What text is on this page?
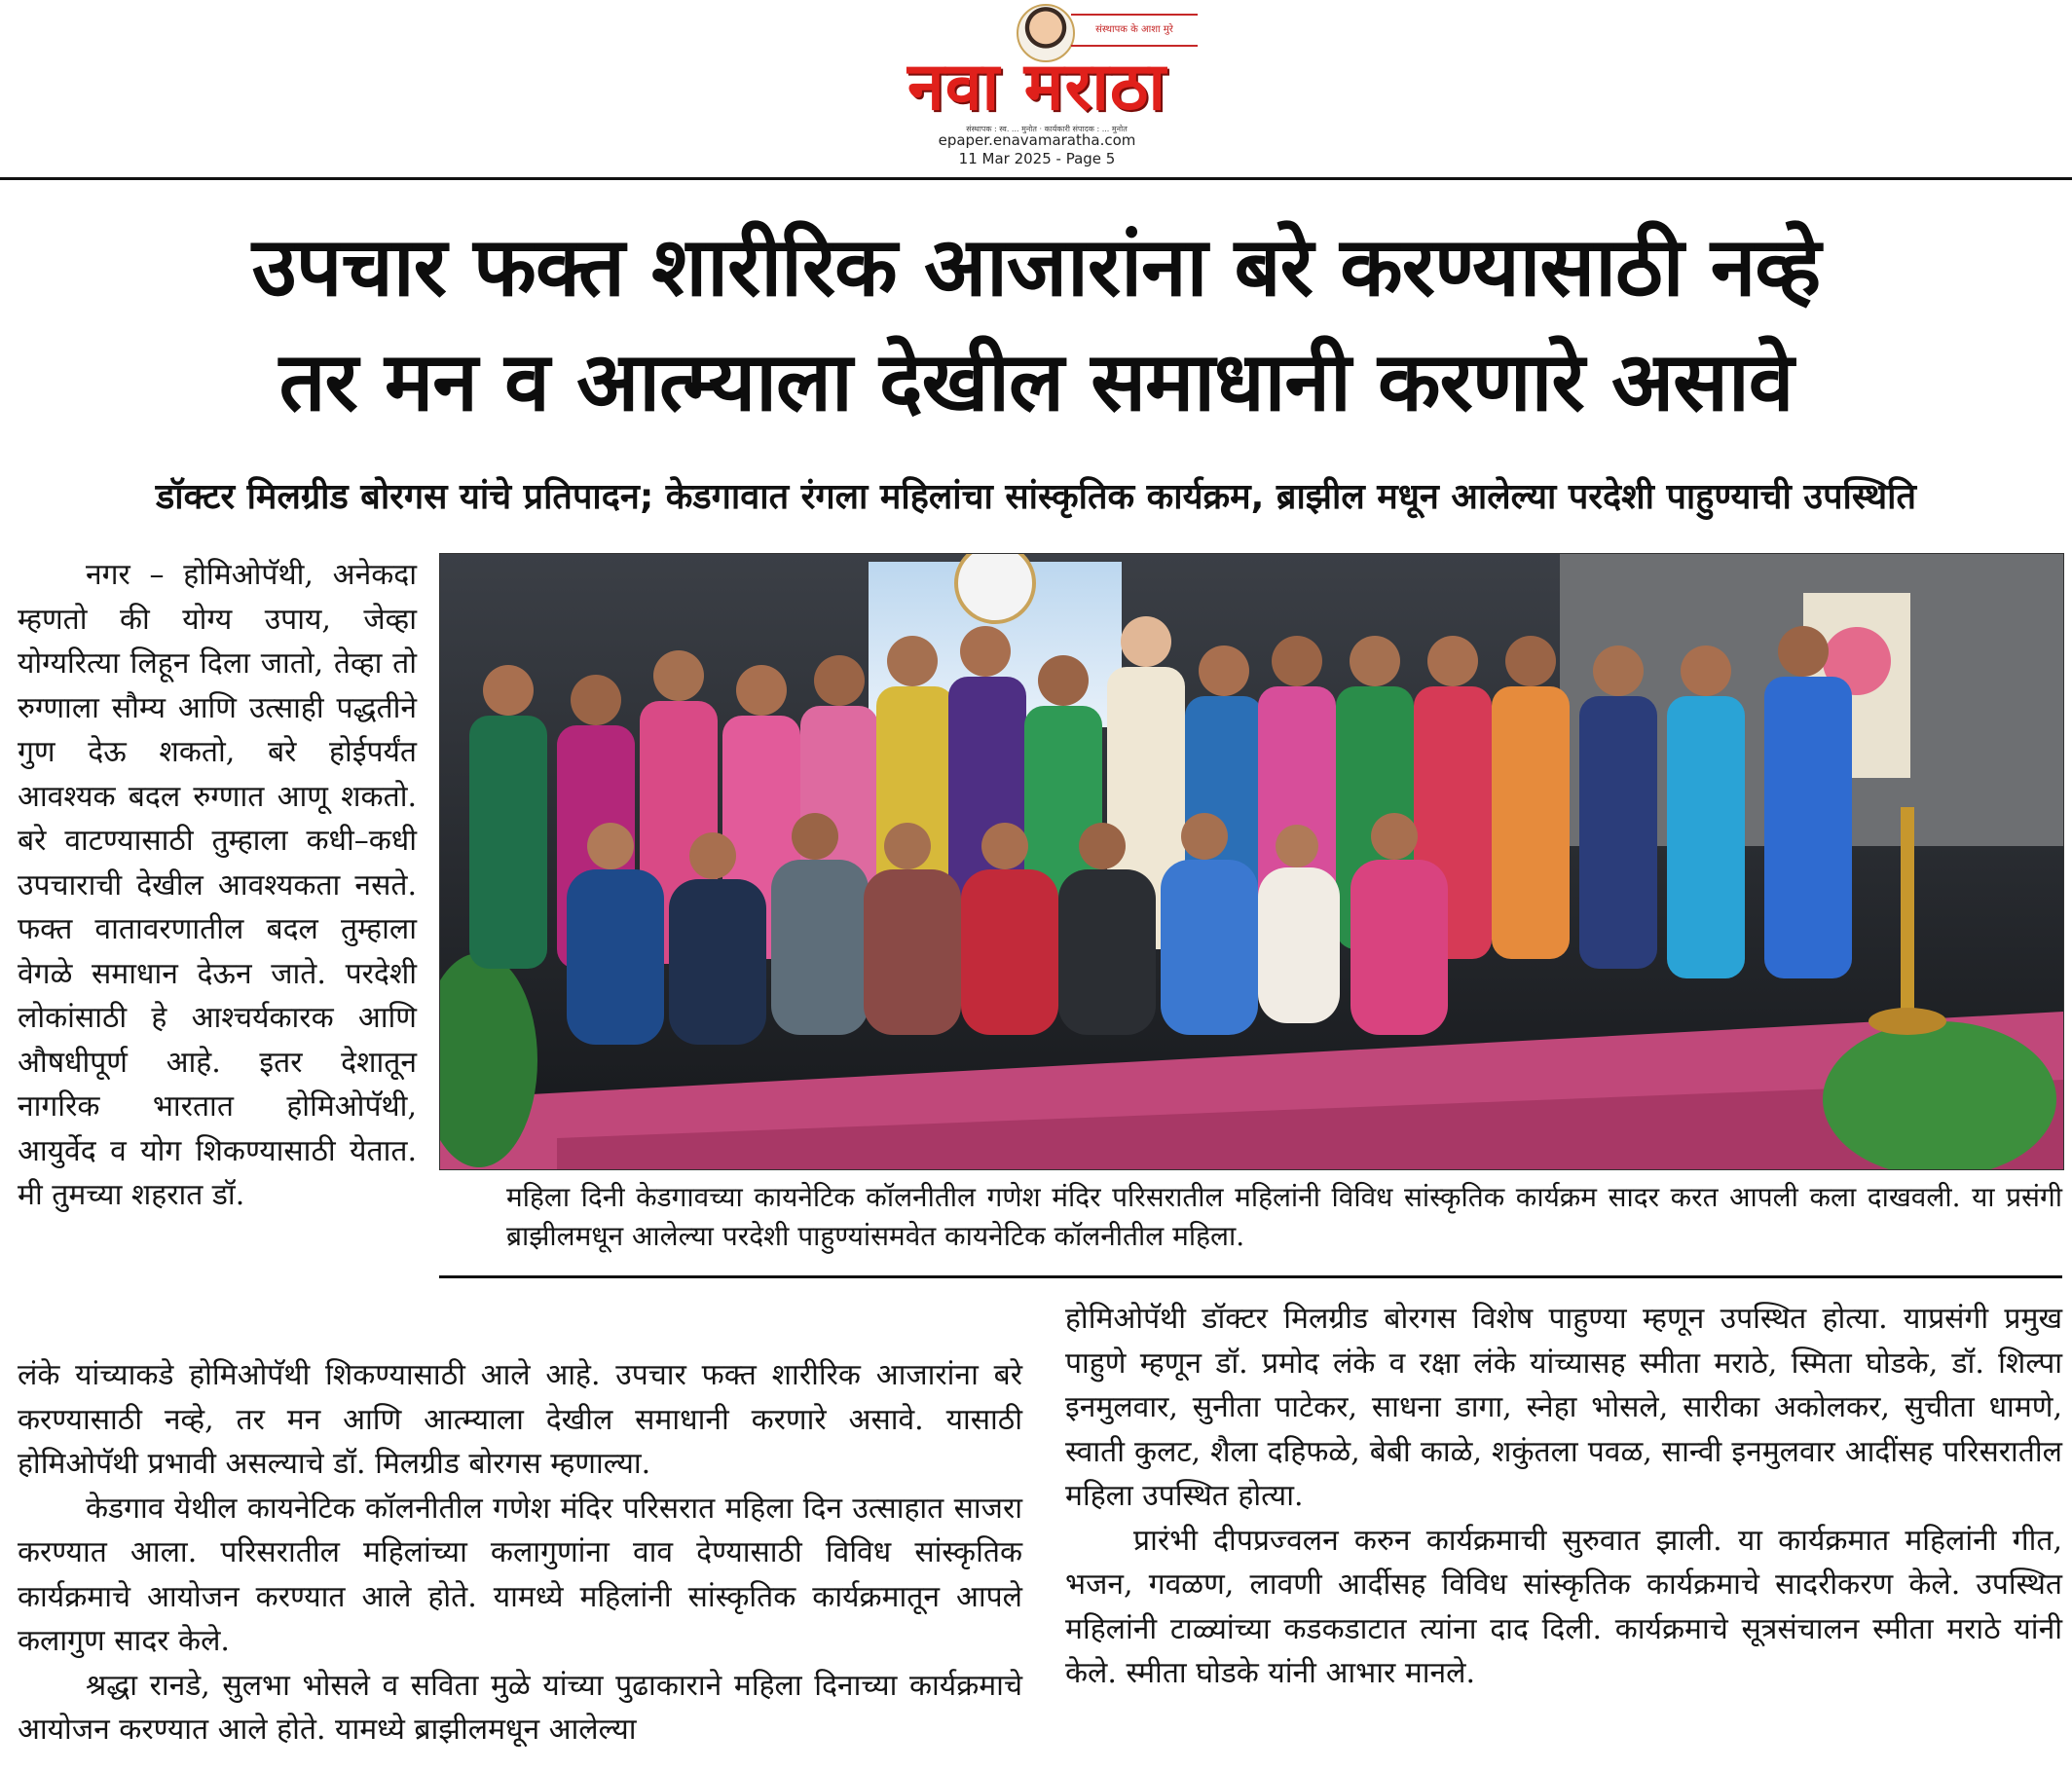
संस्थापक के आशा मुरे
नवा मराठा
संस्थापक : स्व. ... मुनोत · कार्यकारी संपादक : ... मुनोत
epaper.enavamaratha.com
11 Mar 2025 - Page 5
उपचार फक्त शारीरिक आजारांना बरे करण्यासाठी नव्हे
तर मन व आत्म्याला देखील समाधानी करणारे असावे
डॉक्टर मिलग्रीड बोरगस यांचे प्रतिपादन; केडगावात रंगला महिलांचा सांस्कृतिक कार्यक्रम, ब्राझील मधून आलेल्या परदेशी पाहुण्याची उपस्थिति

नगर – होमिओपॅथी, अनेकदा म्हणतो की योग्य उपाय, जेव्हा योग्यरित्या लिहून दिला जातो, तेव्हा तो रुग्णाला सौम्य आणि उत्साही पद्धतीने गुण देऊ शकतो, बरे होईपर्यंत आवश्यक बदल रुग्णात आणू शकतो. बरे वाटण्यासाठी तुम्हाला कधी–कधी उपचाराची देखील आवश्यकता नसते. फक्त वातावरणातील बदल तुम्हाला वेगळे समाधान देऊन जाते. परदेशी लोकांसाठी हे आश्चर्यकारक आणि औषधीपूर्ण आहे. इतर देशातून नागरिक भारतात होमिओपॅथी, आयुर्वेद व योग शिकण्यासाठी येतात. मी तुमच्या शहरात डॉ.	महिला दिनी केडगावच्या कायनेटिक कॉलनीतील गणेश मंदिर परिसरातील महिलांनी विविध सांस्कृतिक कार्यक्रम सादर करत आपली कला दाखवली. या प्रसंगी ब्राझीलमधून आलेल्या परदेशी पाहुण्यांसमवेत कायनेटिक कॉलनीतील महिला.

लंके यांच्याकडे होमिओपॅथी शिकण्यासाठी आले आहे. उपचार फक्त शारीरिक आजारांना बरे करण्यासाठी नव्हे, तर मन आणि आत्म्याला देखील समाधानी करणारे असावे. यासाठी होमिओपॅथी प्रभावी असल्याचे डॉ. मिलग्रीड बोरगस म्हणाल्या.

केडगाव येथील कायनेटिक कॉलनीतील गणेश मंदिर परिसरात महिला दिन उत्साहात साजरा करण्यात आला. परिसरातील महिलांच्या कलागुणांना वाव देण्यासाठी विविध सांस्कृतिक कार्यक्रमाचे आयोजन करण्यात आले होते. यामध्ये महिलांनी सांस्कृतिक कार्यक्रमातून आपले कलागुण सादर केले.

श्रद्धा रानडे, सुलभा भोसले व सविता मुळे यांच्या पुढाकाराने महिला दिनाच्या कार्यक्रमाचे आयोजन करण्यात आले होते. यामध्ये ब्राझीलमधून आलेल्या

होमिओपॅथी डॉक्टर मिलग्रीड बोरगस विशेष पाहुण्या म्हणून उपस्थित होत्या. याप्रसंगी प्रमुख पाहुणे म्हणून डॉ. प्रमोद लंके व रक्षा लंके यांच्यासह स्मीता मराठे, स्मिता घोडके, डॉ. शिल्पा इनमुलवार, सुनीता पाटेकर, साधना डागा, स्नेहा भोसले, सारीका अकोलकर, सुचीता धामणे, स्वाती कुलट, शैला दहिफळे, बेबी काळे, शकुंतला पवळ, सान्वी इनमुलवार आदींसह परिसरातील महिला उपस्थित होत्या.

प्रारंभी दीपप्रज्वलन करुन कार्यक्रमाची सुरुवात झाली. या कार्यक्रमात महिलांनी गीत, भजन, गवळण, लावणी आर्दीसह विविध सांस्कृतिक कार्यक्रमाचे सादरीकरण केले. उपस्थित महिलांनी टाळ्यांच्या कडकडाटात त्यांना दाद दिली. कार्यक्रमाचे सूत्रसंचालन स्मीता मराठे यांनी केले. स्मीता घोडके यांनी आभार मानले.
